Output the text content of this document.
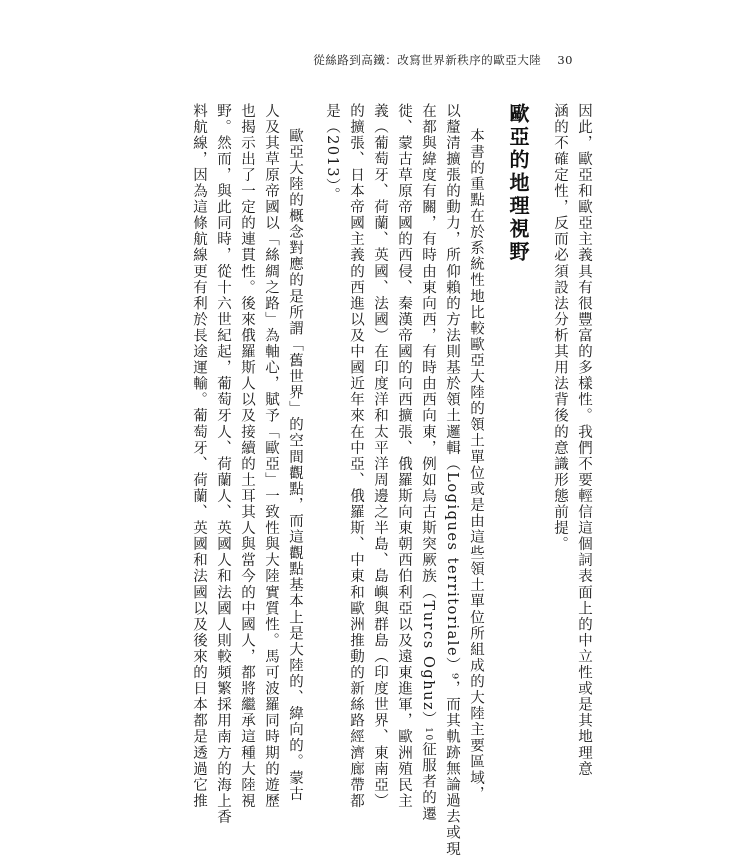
從絲路到高鐵：改寫世界新秩序的歐亞大陸 30
因此，歐亞和歐亞主義具有很豐富的多樣性。我們不要輕信這個詞表面上的中立性或是其地理意
涵的不確定性，反而必須設法分析其用法背後的意識形態前提。
歐亞的地理視野
本書的重點在於系統性地比較歐亞大陸的領土單位或是由這些領土單位所組成的大陸主要區域，
以釐清擴張的動力，所仰賴的方法則基於領土邏輯（Logiques territoriale）⁹，而其軌跡無論過去或現
在都與緯度有關，有時由東向西，有時由西向東，例如烏古斯突厥族（Turcs Oghuz）10征服者的遷
徙、蒙古草原帝國的西侵、秦漢帝國的向西擴張、俄羅斯向東朝西伯利亞以及遠東進軍，歐洲殖民主
義（葡萄牙、荷蘭、英國、法國）在印度洋和太平洋周邊之半島、島嶼與群島（印度世界、東南亞）
的擴張、日本帝國主義的西進以及中國近年來在中亞、俄羅斯、中東和歐洲推動的新絲路經濟廊帶都
是（2013）。
歐亞大陸的概念對應的是所謂「舊世界」的空間觀點，而這觀點基本上是大陸的、緯向的。蒙古
人及其草原帝國以「絲綢之路」為軸心，賦予「歐亞」一致性與大陸實質性。馬可波羅同時期的遊歷
也揭示出了一定的連貫性。後來俄羅斯人以及接續的土耳其人與當今的中國人，都將繼承這種大陸視
野。然而，與此同時，從十六世紀起，葡萄牙人、荷蘭人、英國人和法國人則較頻繁採用南方的海上香
料航線，因為這條航線更有利於長途運輸。葡萄牙、荷蘭、英國和法國以及後來的日本都是透過它推
